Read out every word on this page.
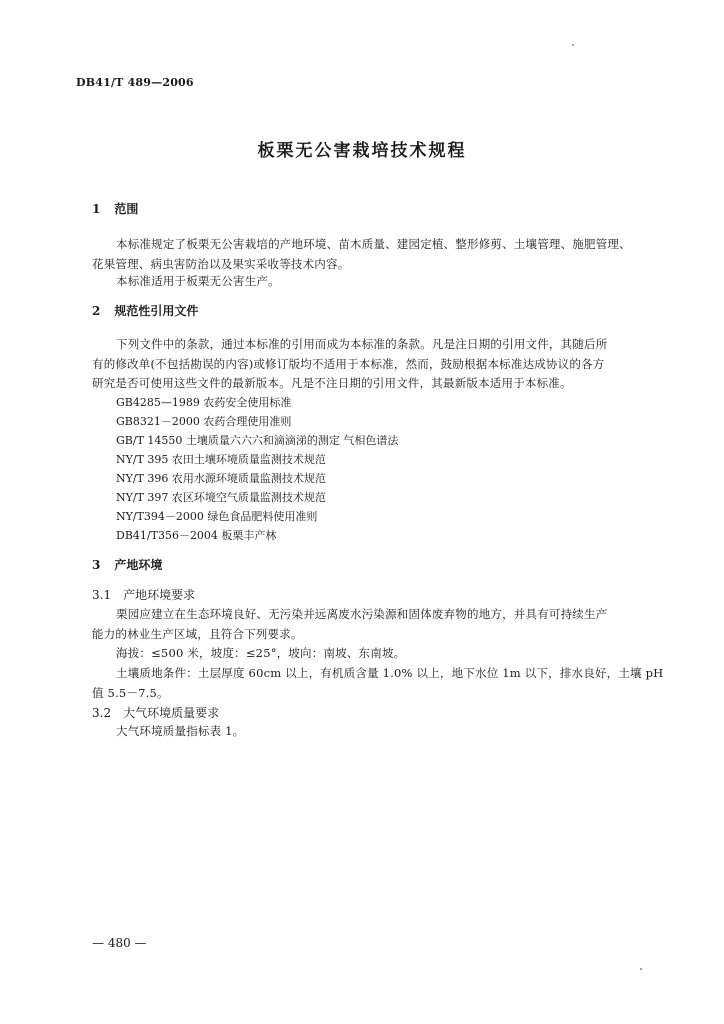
DB41/T 489—2006
板栗无公害栽培技术规程
1 范围
本标准规定了板栗无公害栽培的产地环境、苗木质量、建园定植、整形修剪、土壤管理、施肥管理、
花果管理、病虫害防治以及果实采收等技术内容。
本标准适用于板栗无公害生产。
2 规范性引用文件
下列文件中的条款，通过本标准的引用而成为本标准的条款。凡是注日期的引用文件，其随后所
有的修改单(不包括勘误的内容)或修订版均不适用于本标准，然而，鼓励根据本标准达成协议的各方
研究是否可使用这些文件的最新版本。凡是不注日期的引用文件，其最新版本适用于本标准。
GB4285—1989 农药安全使用标准
GB8321－2000 农药合理使用准则
GB/T 14550 土壤质量六六六和滴滴涕的测定 气相色谱法
NY/T 395 农田土壤环境质量监测技术规范
NY/T 396 农用水源环境质量监测技术规范
NY/T 397 农区环境空气质量监测技术规范
NY/T394－2000 绿色食品肥料使用准则
DB41/T356－2004 板栗丰产林
3 产地环境
3.1 产地环境要求
栗园应建立在生态环境良好、无污染并远离废水污染源和固体废弃物的地方，并具有可持续生产
能力的林业生产区域，且符合下列要求。
海拔：≤500 米，坡度：≤25°，坡向：南坡、东南坡。
土壤质地条件：土层厚度 60cm 以上，有机质含量 1.0% 以上，地下水位 1m 以下，排水良好，土壤 pH
值 5.5－7.5。
3.2 大气环境质量要求
大气环境质量指标表 1。
— 480 —
